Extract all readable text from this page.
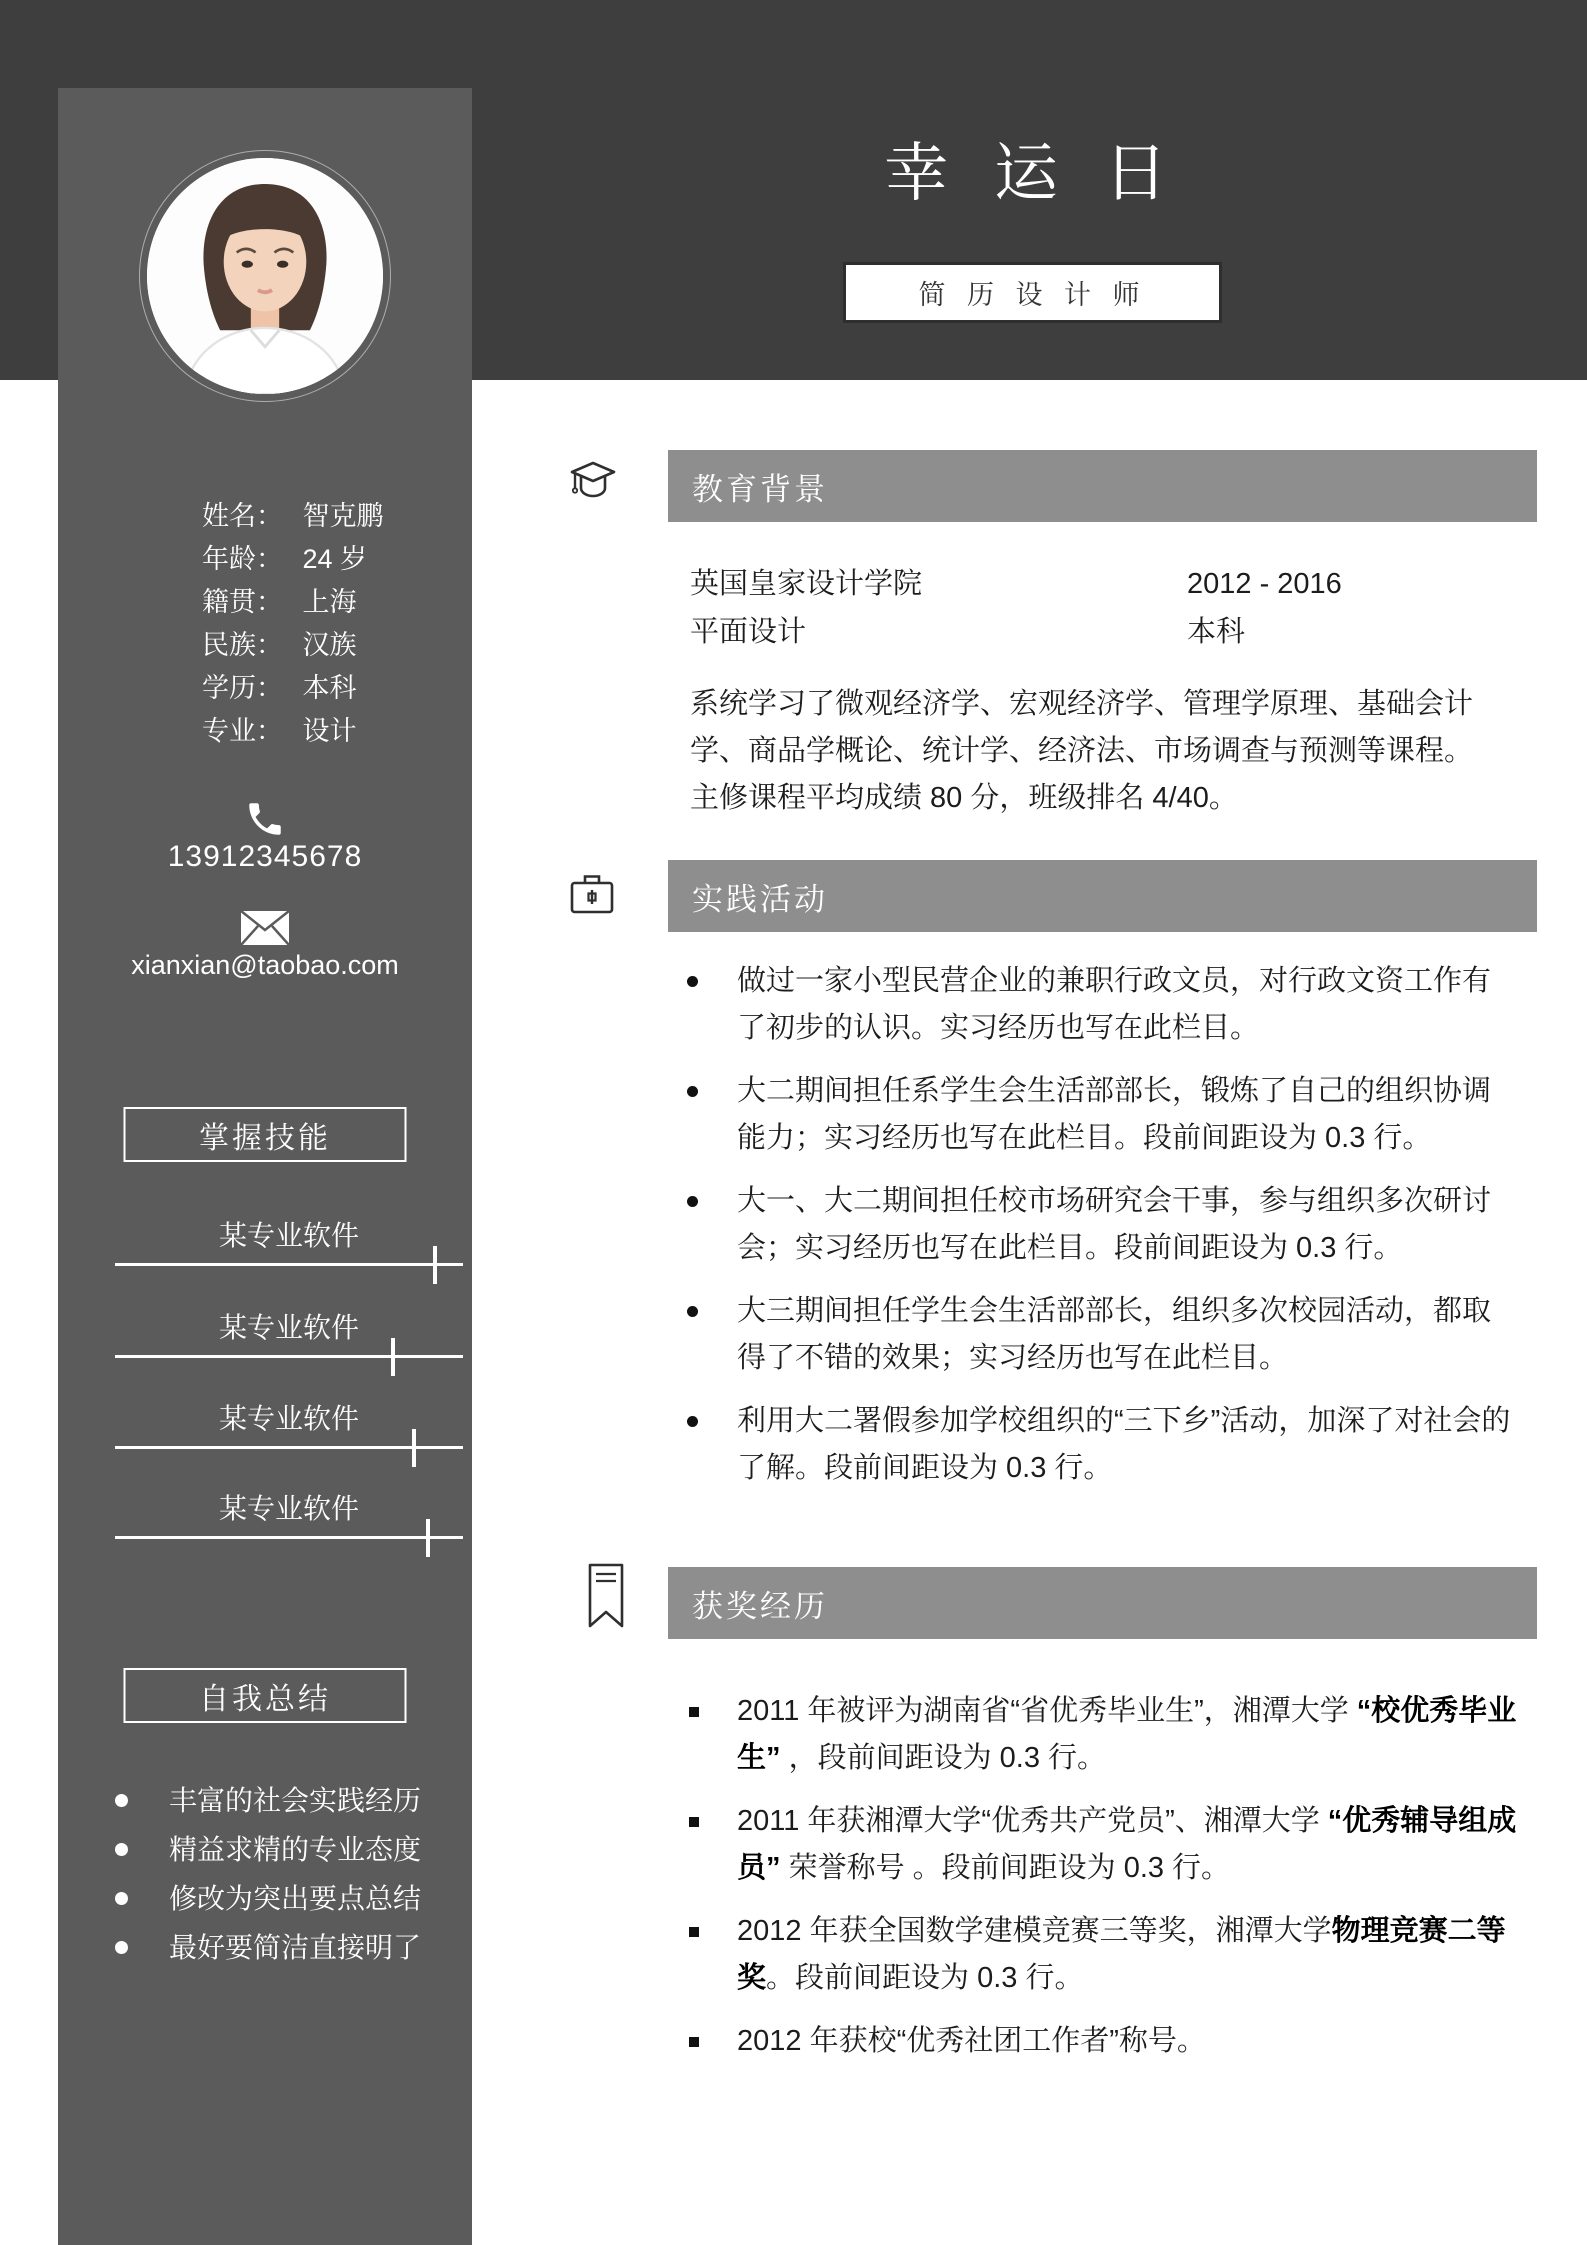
幸 运 日
简 历 设 计 师
姓名： 智克鹏
年龄： 24 岁
籍贯： 上海
民族： 汉族
学历： 本科
专业： 设计
13912345678
xianxian@taobao.com
掌握技能
某专业软件
某专业软件
某专业软件
某专业软件
自我总结
丰富的社会实践经历
精益求精的专业态度
修改为突出要点总结
最好要简洁直接明了
教育背景
英国皇家设计学院	2012 - 2016
平面设计	本科

系统学习了微观经济学、宏观经济学、管理学原理、基础会计学、商品学概论、统计学、经济法、市场调查与预测等课程。

主修课程平均成绩 80 分，班级排名 4/40。

实践活动
做过一家小型民营企业的兼职行政文员，对行政文资工作有了初步的认识。实习经历也写在此栏目。
大二期间担任系学生会生活部部长，锻炼了自己的组织协调能力；实习经历也写在此栏目。段前间距设为 0.3 行。
大一、大二期间担任校市场研究会干事，参与组织多次研讨会；实习经历也写在此栏目。段前间距设为 0.3 行。
大三期间担任学生会生活部部长，组织多次校园活动，都取得了不错的效果；实习经历也写在此栏目。
利用大二署假参加学校组织的“三下乡”活动，加深了对社会的了解。段前间距设为 0.3 行。
获奖经历
2011 年被评为湖南省“省优秀毕业生”，湘潭大学 “校优秀毕业生” ，段前间距设为 0.3 行。
2011 年获湘潭大学“优秀共产党员”、湘潭大学 “优秀辅导组成员” 荣誉称号 。段前间距设为 0.3 行。
2012 年获全国数学建模竞赛三等奖，湘潭大学物理竞赛二等奖。段前间距设为 0.3 行。
2012 年获校“优秀社团工作者”称号。
